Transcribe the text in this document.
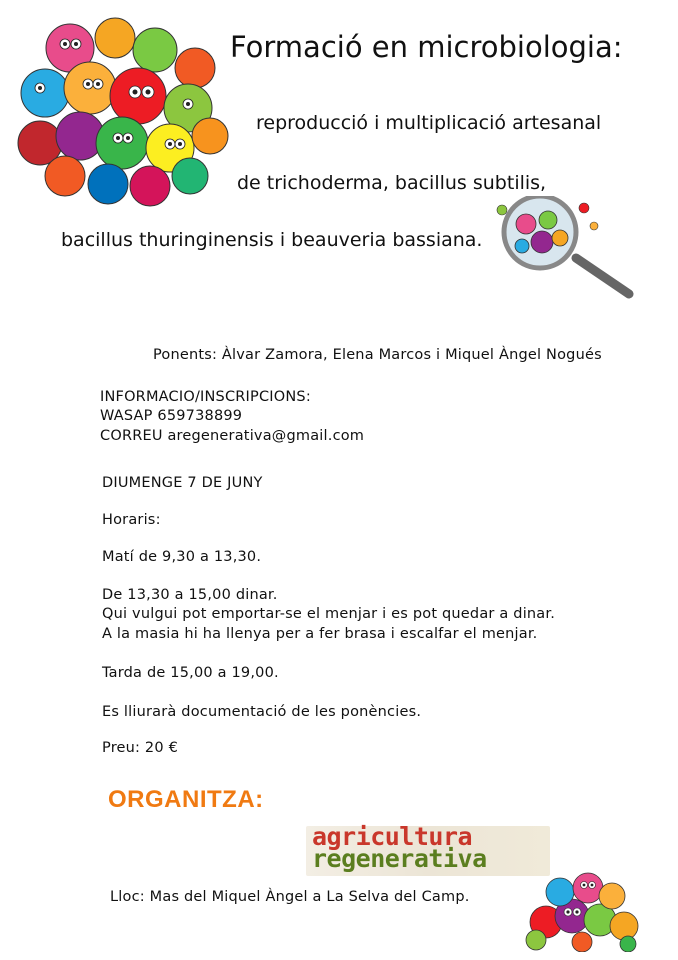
Formació en microbiologia:
reproducció i multiplicació artesanal
de trichoderma, bacillus subtilis,
bacillus thuringinensis i beauveria bassiana.
Ponents: Àlvar Zamora, Elena Marcos i Miquel Àngel Nogués
INFORMACIO/INSCRIPCIONS:
WASAP 659738899
CORREU aregenerativa@gmail.com
DIUMENGE 7 DE JUNY
Horaris:
Matí de 9,30 a 13,30.
De 13,30 a 15,00 dinar.
Qui vulgui pot emportar-se el menjar i es pot quedar a dinar.
A la masia hi ha llenya per a fer brasa i escalfar el menjar.
Tarda de 15,00 a 19,00.
Es lliurarà documentació de les ponències.
Preu: 20 €
ORGANITZA:
agricultura
regenerativa
Lloc: Mas del Miquel Àngel a La Selva del Camp.
